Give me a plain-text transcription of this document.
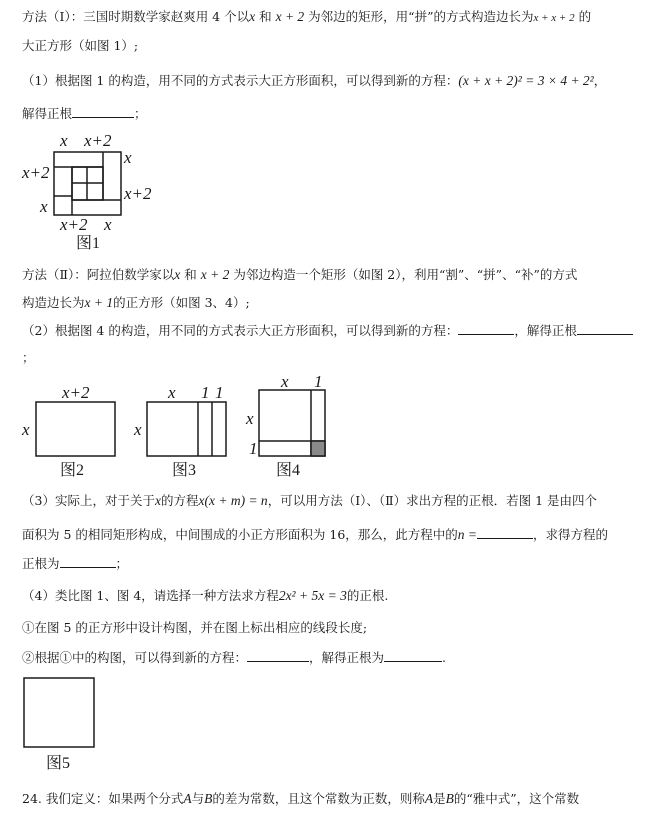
方法（Ⅰ）：三国时期数学家赵爽用 4 个以x 和 x + 2 为邻边的矩形，用“拼”的方式构造边长为x + x + 2 的
大正方形（如图 1）;
（1）根据图 1 的构造，用不同的方式表示大正方形面积，可以得到新的方程：(x + x + 2)² = 3 × 4 + 2²，
解得正根	；
x x+2
x
x+2
x+2
x
x+2 x
图1
方法（Ⅱ）：阿拉伯数学家以x 和 x + 2 为邻边构造一个矩形（如图 2），利用“割”、“拼”、“补”的方式
构造边长为x + 1的正方形（如图 3、4）;
（2）根据图 4 的构造，用不同的方式表示大正方形面积，可以得到新的方程：	，解得正根
；
x+2
x
图2
x 1 1
x
图3
x 1
x
1
图4
（3）实际上，对于关于x的方程x(x + m) = n，可以用方法（Ⅰ）、（Ⅱ）求出方程的正根．若图 1 是由四个
面积为 5 的相同矩形构成，中间围成的小正方形面积为 16，那么，此方程中的n =	，求得方程的
正根为	；
（4）类比图 1、图 4，请选择一种方法求方程2x² + 5x = 3的正根.
①在图 5 的正方形中设计构图，并在图上标出相应的线段长度;
②根据①中的构图，可以得到新的方程：	，解得正根为	.
图5
24. 我们定义：如果两个分式A与B的差为常数，且这个常数为正数，则称A是B的“雅中式”，这个常数
